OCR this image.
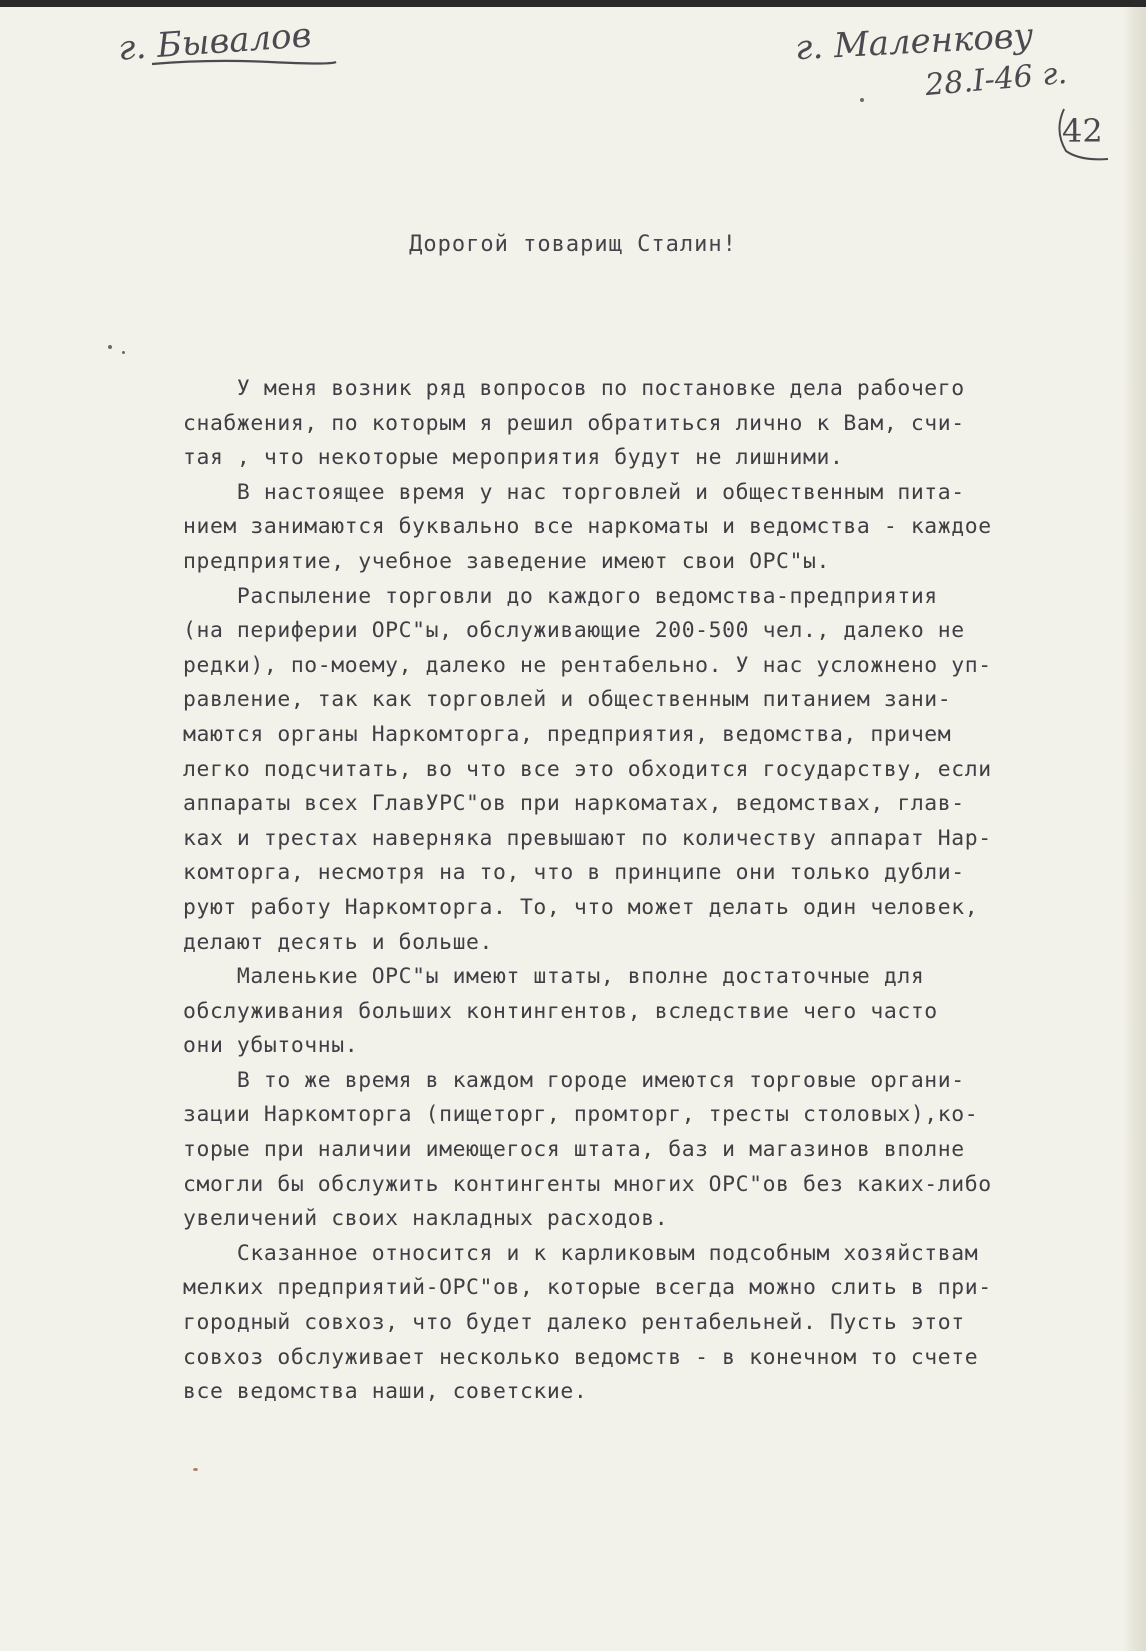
г. Бывалов	г. Маленкову
28.I-46 г.
42
Дорогой товарищ Сталин!
У меня возник ряд вопросов по постановке дела рабочего
снабжения, по которым я решил обратиться лично к Вам, счи-
тая , что некоторые мероприятия будут не лишними.
В настоящее время у нас торговлей и общественным пита-
нием занимаются буквально все наркоматы и ведомства - каждое
предприятие, учебное заведение имеют свои ОРС"ы.
Распыление торговли до каждого ведомства-предприятия
(на периферии ОРС"ы, обслуживающие 200-500 чел., далеко не
редки), по-моему, далеко не рентабельно. У нас усложнено уп-
равление, так как торговлей и общественным питанием зани-
маются органы Наркомторга, предприятия, ведомства, причем
легко подсчитать, во что все это обходится государству, если
аппараты всех ГлавУРС"ов при наркоматах, ведомствах, глав-
ках и трестах наверняка превышают по количеству аппарат Нар-
комторга, несмотря на то, что в принципе они только дубли-
руют работу Наркомторга. То, что может делать один человек,
делают десять и больше.
Маленькие ОРС"ы имеют штаты, вполне достаточные для
обслуживания больших контингентов, вследствие чего часто
они убыточны.
В то же время в каждом городе имеются торговые органи-
зации Наркомторга (пищеторг, промторг, тресты столовых),ко-
торые при наличии имеющегося штата, баз и магазинов вполне
смогли бы обслужить контингенты многих ОРС"ов без каких-либо
увеличений своих накладных расходов.
Сказанное относится и к карликовым подсобным хозяйствам
мелких предприятий-ОРС"ов, которые всегда можно слить в при-
городный совхоз, что будет далеко рентабельней. Пусть этот
совхоз обслуживает несколько ведомств - в конечном то счете
все ведомства наши, советские.
